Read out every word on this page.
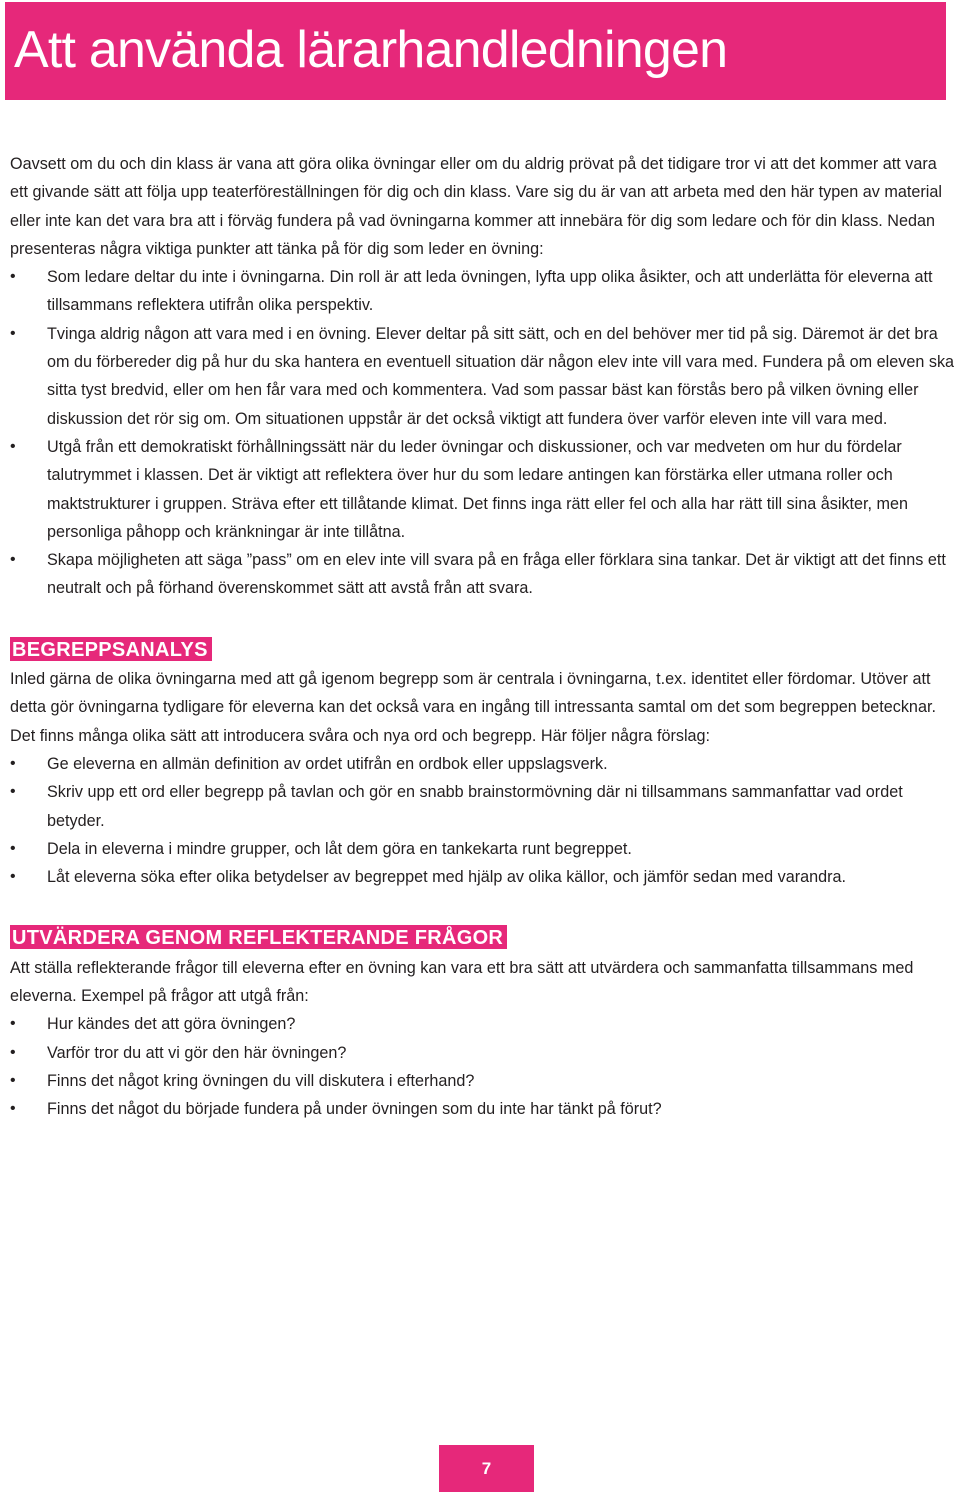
Att använda lärarhandledningen

Oavsett om du och din klass är vana att göra olika övningar eller om du aldrig prövat på det tidigare tror vi att det kommer att vara ett givande sätt att följa upp teaterföreställningen för dig och din klass. Vare sig du är van att arbeta med den här typen av material eller inte kan det vara bra att i förväg fundera på vad övningarna kommer att innebära för dig som ledare och för din klass. Nedan presenteras några viktiga punkter att tänka på för dig som leder en övning:

• Som ledare deltar du inte i övningarna. Din roll är att leda övningen, lyfta upp olika åsikter, och att underlätta för eleverna att tillsammans reflektera utifrån olika perspektiv.
• Tvinga aldrig någon att vara med i en övning. Elever deltar på sitt sätt, och en del behöver mer tid på sig. Däremot är det bra om du förbereder dig på hur du ska hantera en eventuell situation där någon elev inte vill vara med. Fundera på om eleven ska sitta tyst bredvid, eller om hen får vara med och kommentera. Vad som passar bäst kan förstås bero på vilken övning eller diskussion det rör sig om. Om situationen uppstår är det också viktigt att fundera över varför eleven inte vill vara med.
• Utgå från ett demokratiskt förhållningssätt när du leder övningar och diskussioner, och var medveten om hur du fördelar talutrymmet i klassen. Det är viktigt att reflektera över hur du som ledare antingen kan förstärka eller utmana roller och maktstrukturer i gruppen. Sträva efter ett tillåtande klimat. Det finns inga rätt eller fel och alla har rätt till sina åsikter, men personliga påhopp och kränkningar är inte tillåtna.
• Skapa möjligheten att säga ”pass” om en elev inte vill svara på en fråga eller förklara sina tankar. Det är viktigt att det finns ett neutralt och på förhand överenskommet sätt att avstå från att svara.
BEGREPPSANALYS

Inled gärna de olika övningarna med att gå igenom begrepp som är centrala i övningarna, t.ex. identitet eller fördomar. Utöver att detta gör övningarna tydligare för eleverna kan det också vara en ingång till intressanta samtal om det som begreppen betecknar. Det finns många olika sätt att introducera svåra och nya ord och begrepp. Här följer några förslag:

• Ge eleverna en allmän definition av ordet utifrån en ordbok eller uppslagsverk.
• Skriv upp ett ord eller begrepp på tavlan och gör en snabb brainstormövning där ni tillsammans sammanfattar vad ordet betyder.
• Dela in eleverna i mindre grupper, och låt dem göra en tankekarta runt begreppet.
• Låt eleverna söka efter olika betydelser av begreppet med hjälp av olika källor, och jämför sedan med varandra.
UTVÄRDERA GENOM REFLEKTERANDE FRÅGOR

Att ställa reflekterande frågor till eleverna efter en övning kan vara ett bra sätt att utvärdera och sammanfatta tillsammans med eleverna. Exempel på frågor att utgå från:

• Hur kändes det att göra övningen?
• Varför tror du att vi gör den här övningen?
• Finns det något kring övningen du vill diskutera i efterhand?
• Finns det något du började fundera på under övningen som du inte har tänkt på förut?
7
